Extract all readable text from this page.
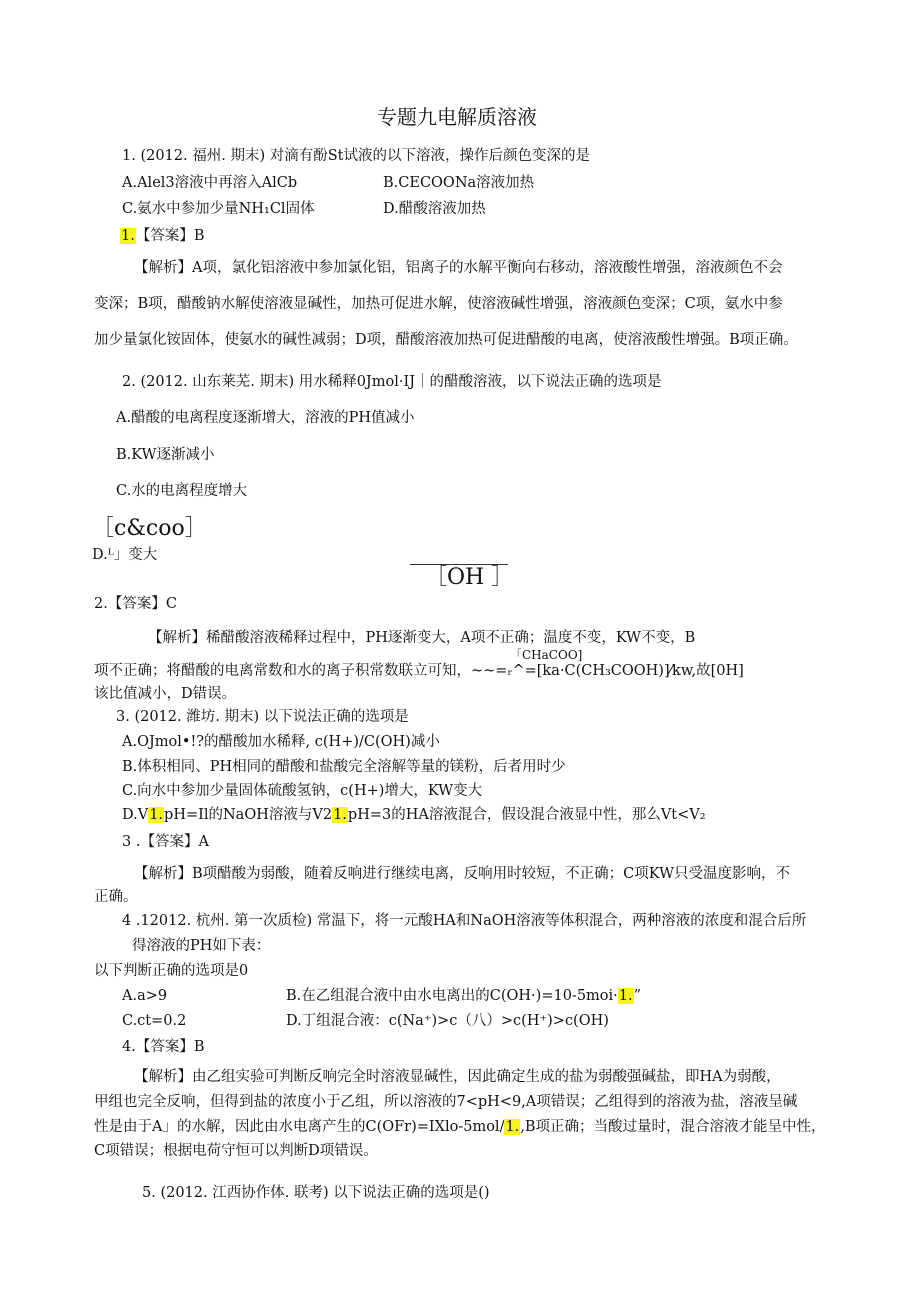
专题九电解质溶液
1. (2012. 福州. 期末) 对滴有酚St试液的以下溶液，操作后颜色变深的是
A.Alel3溶液中再溶入AlCb	B.CECOONa溶液加热
C.氨水中参加少量NH₁Cl固体	D.醋酸溶液加热
1.【答案】B
【解析】A项，氯化铝溶液中参加氯化铝，铝离子的水解平衡向右移动，溶液酸性增强，溶液颜色不会
变深；B项，醋酸钠水解使溶液显碱性，加热可促进水解，使溶液碱性增强，溶液颜色变深；C项，氨水中参
加少量氯化铵固体，使氨水的碱性减弱；D项，醋酸溶液加热可促进醋酸的电离，使溶液酸性增强。B项正确。
2. (2012. 山东莱芜. 期末) 用水稀释0Jmol·IJ｜的醋酸溶液，以下说法正确的选项是
A.醋酸的电离程度逐渐增大，溶液的PH值减小
B.KW逐渐减小
C.水的电离程度增大
［c&coo］
D.ᴸ」变大
［OH ］
2.【答案】C
【解析】稀醋酸溶液稀释过程中，PH逐渐变大，A项不正确；温度不变，KW不变，B
「CHaCOO]
项不正确；将醋酸的电离常数和水的离子积常数联立可知，~~=ᵣ^=[ka·C(CH₃COOH)]⁄kw,故[0H]
该比值减小，D错误。
3. (2012. 潍坊. 期末) 以下说法正确的选项是
A.OJmol•!?的醋酸加水稀释, c(H+)/C(OH)减小
B.体积相同、PH相同的醋酸和盐酸完全溶解等量的镁粉，后者用时少
C.向水中参加少量固体硫酸氢钠，c(H+)增大，KW变大
D.V1.pH=Il的NaOH溶液与V21.pH=3的HA溶液混合，假设混合液显中性，那么Vt<V₂
3 .【答案】A
【解析】B项醋酸为弱酸，随着反响进行继续电离，反响用时较短，不正确；C项KW只受温度影响，不
正确。
4 .12012. 杭州. 第一次质检) 常温下，将一元酸HA和NaOH溶液等体积混合，两种溶液的浓度和混合后所
得溶液的PH如下表：
以下判断正确的选项是0
A.a>9	B.在乙组混合液中由水电离出的C(OH·)=10-5moi·1.”
C.ct=0.2	D.丁组混合液：c(Na⁺)>c（八）>c(H⁺)>c(OH)
4.【答案】B
【解析】由乙组实验可判断反响完全时溶液显碱性，因此确定生成的盐为弱酸强碱盐，即HA为弱酸，
甲组也完全反响，但得到盐的浓度小于乙组，所以溶液的7<pH<9,A项错误；乙组得到的溶液为盐，溶液呈碱
性是由于A」的水解，因此由水电离产生的C(OFr)=IXlo-5mol/1.,B项正确；当酸过量时，混合溶液才能呈中性，
C项错误；根据电荷守恒可以判断D项错误。
5. (2012. 江西协作体. 联考) 以下说法正确的选项是()
